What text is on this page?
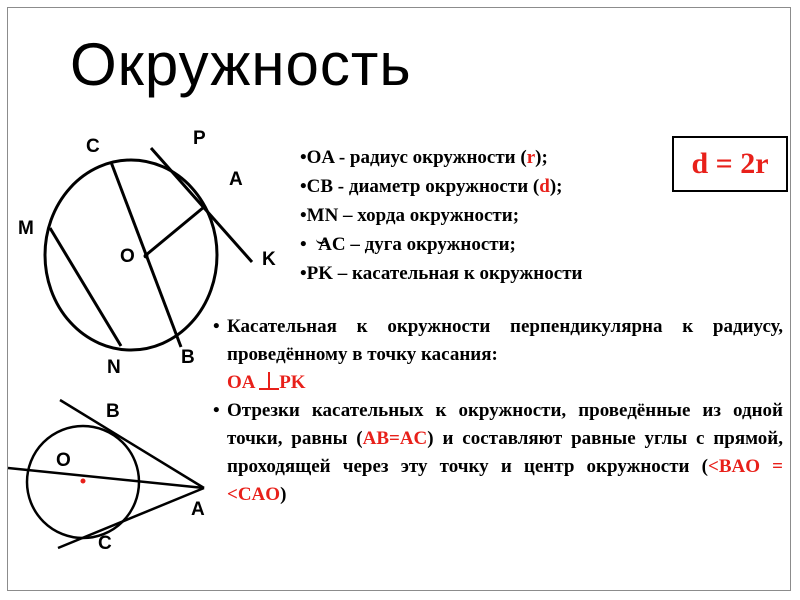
Окружность
C	P
A
M
O	K
N	B
B
O
A
C
•OA - радиус окружности (r);
•CB - диаметр окружности (d);
•MN – хорда окружности;
• AC – дуга окружности;
•PK – касательная к окружности
d = 2r
• Касательная к окружности перпендикулярна к радиусу, проведённому в точку касания:
OA PK
• Отрезки касательных к окружности, проведённые из одной точки, равны (AB=AC) и составляют равные углы с прямой, проходящей через эту точку и центр окружности (<BAO = <CAO)
